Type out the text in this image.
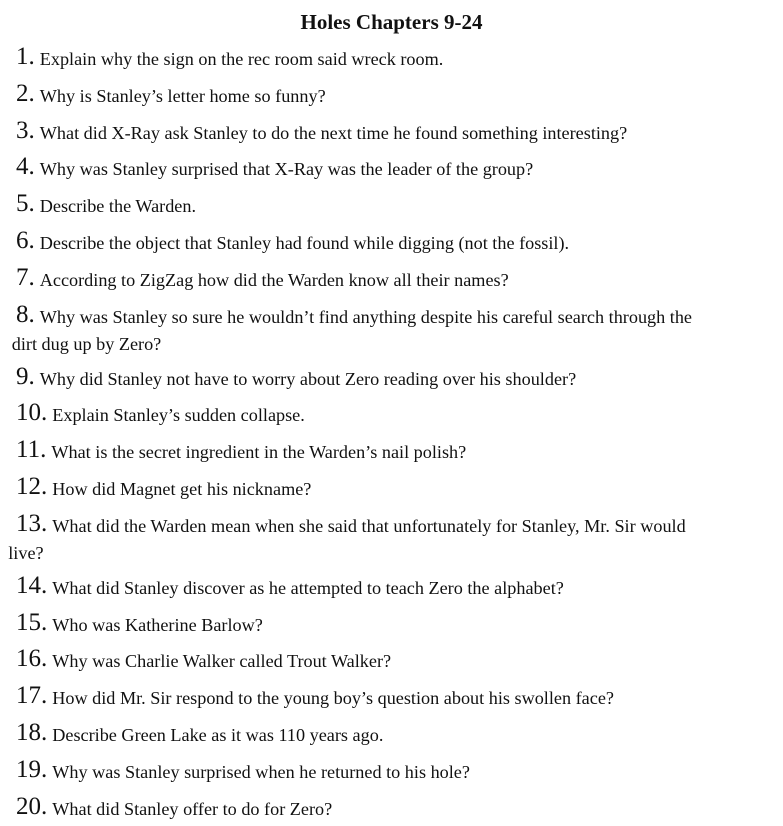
Holes Chapters 9-24
1. Explain why the sign on the rec room said wreck room.
2. Why is Stanley’s letter home so funny?
3. What did X-Ray ask Stanley to do the next time he found something interesting?
4. Why was Stanley surprised that X-Ray was the leader of the group?
5. Describe the Warden.
6. Describe the object that Stanley had found while digging (not the fossil).
7. According to ZigZag how did the Warden know all their names?
8. Why was Stanley so sure he wouldn’t find anything despite his careful search through the
dirt dug up by Zero?
9. Why did Stanley not have to worry about Zero reading over his shoulder?
10. Explain Stanley’s sudden collapse.
11. What is the secret ingredient in the Warden’s nail polish?
12. How did Magnet get his nickname?
13. What did the Warden mean when she said that unfortunately for Stanley, Mr. Sir would
live?
14. What did Stanley discover as he attempted to teach Zero the alphabet?
15. Who was Katherine Barlow?
16. Why was Charlie Walker called Trout Walker?
17. How did Mr. Sir respond to the young boy’s question about his swollen face?
18. Describe Green Lake as it was 110 years ago.
19. Why was Stanley surprised when he returned to his hole?
20. What did Stanley offer to do for Zero?
